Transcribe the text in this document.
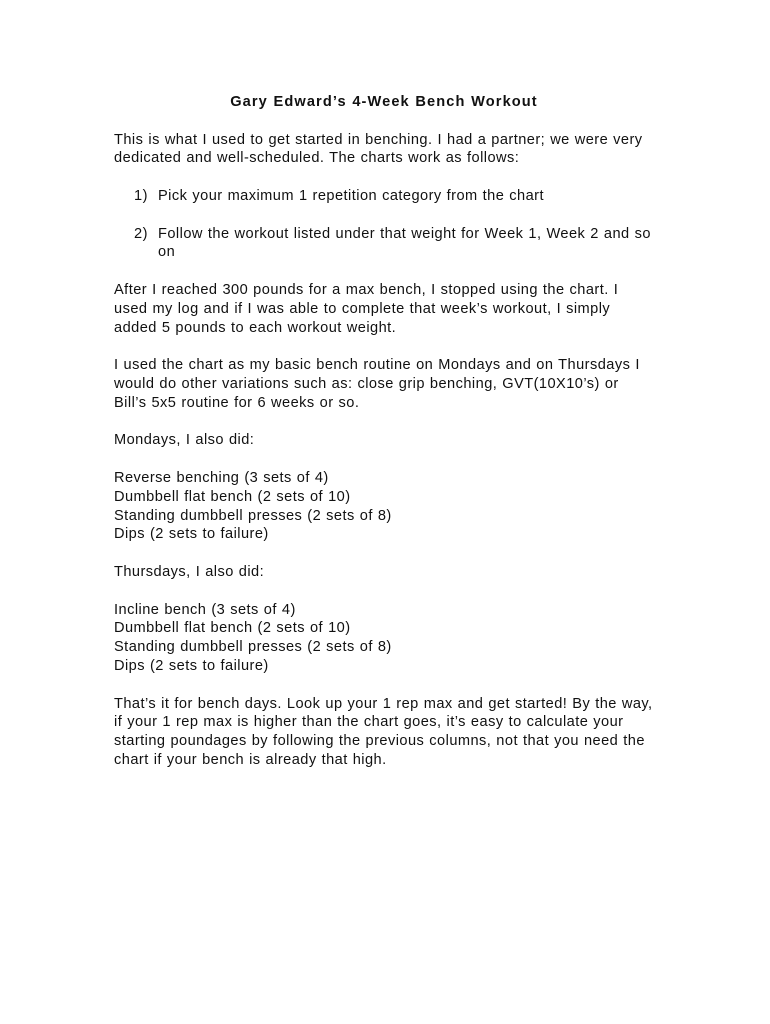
Gary Edward’s 4-Week Bench Workout

This is what I used to get started in benching. I had a partner; we were very dedicated and well-scheduled. The charts work as follows:

1) Pick your maximum 1 repetition category from the chart
2) Follow the workout listed under that weight for Week 1, Week 2 and so on

After I reached 300 pounds for a max bench, I stopped using the chart. I used my log and if I was able to complete that week’s workout, I simply added 5 pounds to each workout weight.

I used the chart as my basic bench routine on Mondays and on Thursdays I would do other variations such as: close grip benching, GVT(10X10’s) or Bill’s 5x5 routine for 6 weeks or so.

Mondays, I also did:

Reverse benching (3 sets of 4)
Dumbbell flat bench (2 sets of 10)
Standing dumbbell presses (2 sets of 8)
Dips (2 sets to failure)

Thursdays, I also did:

Incline bench (3 sets of 4)
Dumbbell flat bench (2 sets of 10)
Standing dumbbell presses (2 sets of 8)
Dips (2 sets to failure)

That’s it for bench days. Look up your 1 rep max and get started! By the way, if your 1 rep max is higher than the chart goes, it’s easy to calculate your starting poundages by following the previous columns, not that you need the chart if your bench is already that high.
